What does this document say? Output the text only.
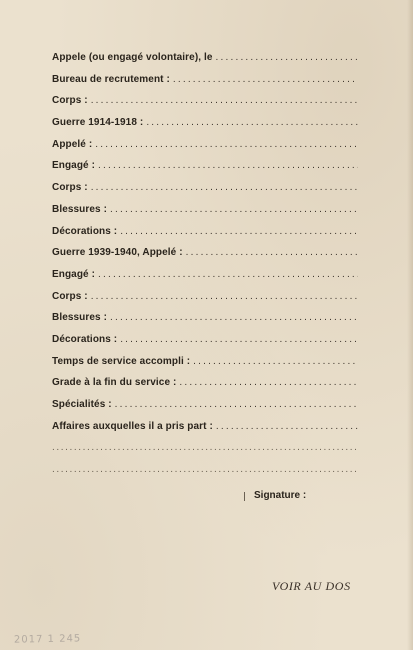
Appele (ou engagé volontaire), le
.....
Bureau de recrutement :
.....
Corps :
.....
Guerre 1914-1918 :
.....
Appelé :
.....
Engagé :
.....
Corps :
.....
Blessures :
.....
Décorations :
.....
Guerre 1939-1940, Appelé :
.....
Engagé :
.....
Corps :
.....
Blessures :
.....
Décorations :
.....
Temps de service accompli :
.....
Grade à la fin du service :
.....
Spécialités :
.....
Affaires auxquelles il a pris part :
.....
.....
.....
Signature :
VOIR AU DOS
2017 1 245
